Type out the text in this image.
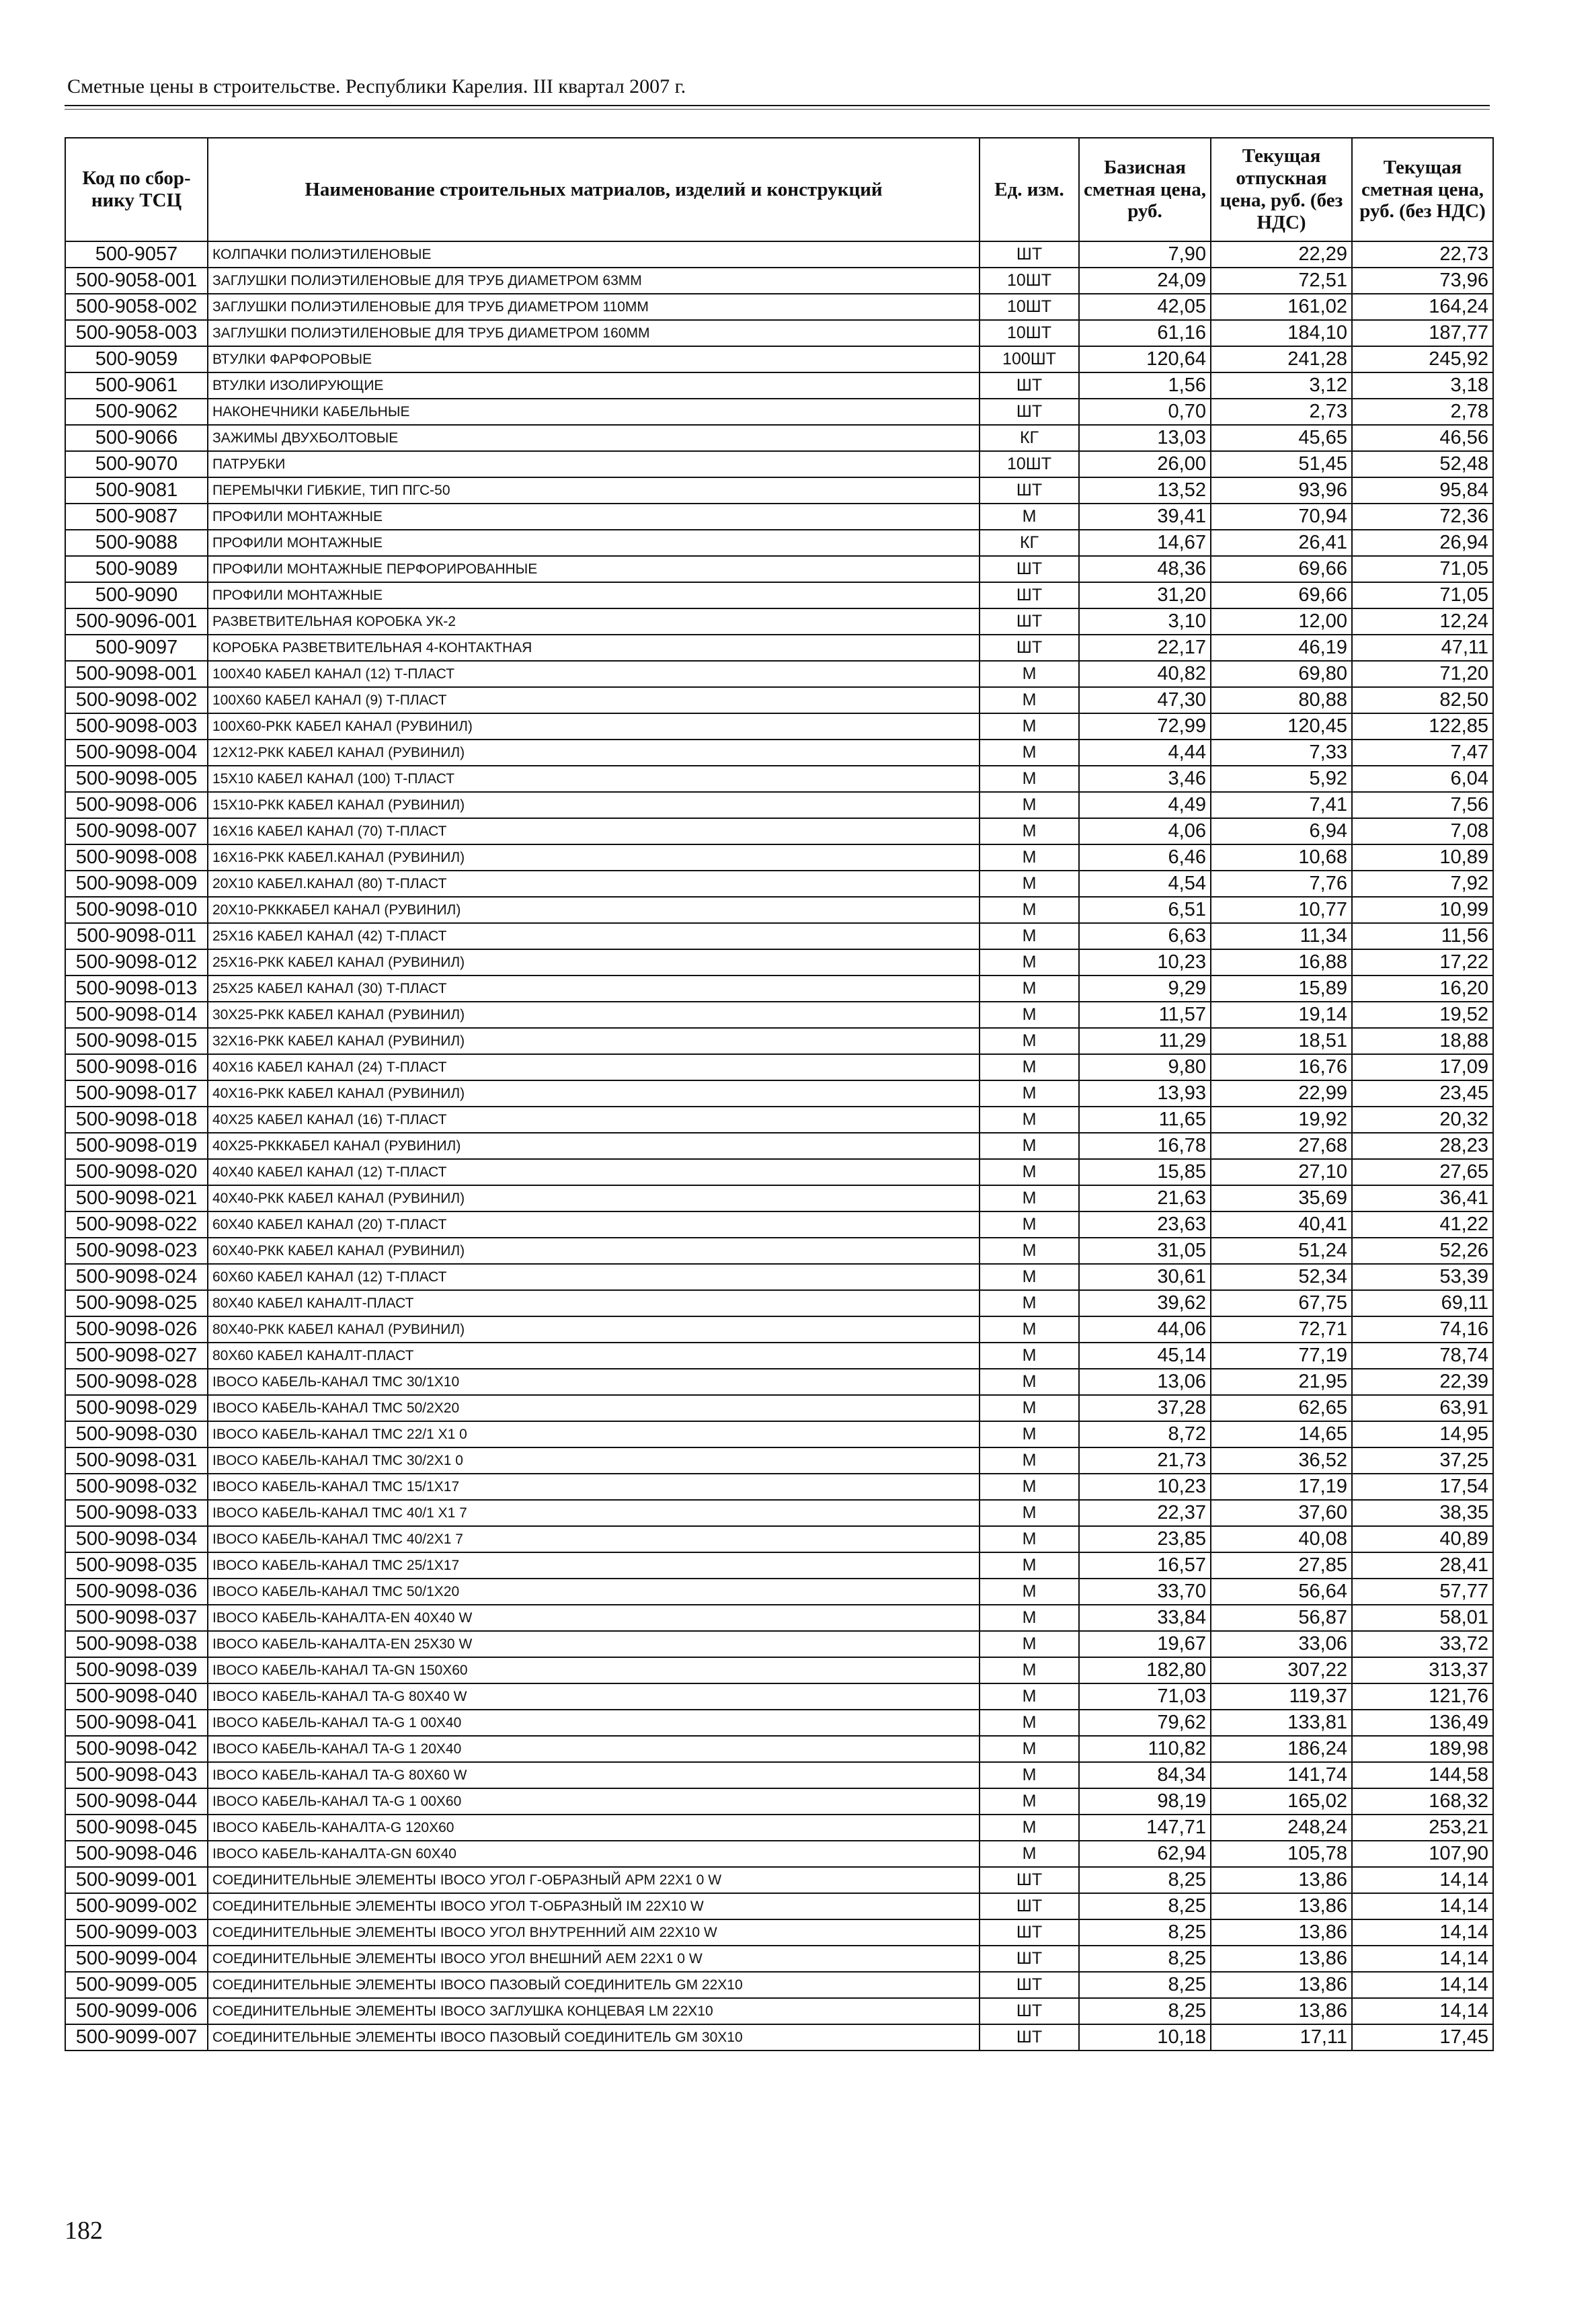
Сметные цены в строительстве. Республики Карелия. III квартал 2007 г.
Код по сбор-нику ТСЦ	Наименование строительных матриалов, изделий и конструкций	Ед. изм.	Базисная сметная цена, руб.	Текущая отпускная цена, руб. (без НДС)	Текущая сметная цена, руб. (без НДС)
500-9057	КОЛПАЧКИ ПОЛИЭТИЛЕНОВЫЕ	ШТ	7,90	22,29	22,73
500-9058-001	ЗАГЛУШКИ ПОЛИЭТИЛЕНОВЫЕ ДЛЯ ТРУБ ДИАМЕТРОМ 63ММ	10ШТ	24,09	72,51	73,96
500-9058-002	ЗАГЛУШКИ ПОЛИЭТИЛЕНОВЫЕ ДЛЯ ТРУБ ДИАМЕТРОМ 110ММ	10ШТ	42,05	161,02	164,24
500-9058-003	ЗАГЛУШКИ ПОЛИЭТИЛЕНОВЫЕ ДЛЯ ТРУБ ДИАМЕТРОМ 160ММ	10ШТ	61,16	184,10	187,77
500-9059	ВТУЛКИ ФАРФОРОВЫЕ	100ШТ	120,64	241,28	245,92
500-9061	ВТУЛКИ ИЗОЛИРУЮЩИЕ	ШТ	1,56	3,12	3,18
500-9062	НАКОНЕЧНИКИ КАБЕЛЬНЫЕ	ШТ	0,70	2,73	2,78
500-9066	ЗАЖИМЫ ДВУХБОЛТОВЫЕ	КГ	13,03	45,65	46,56
500-9070	ПАТРУБКИ	10ШТ	26,00	51,45	52,48
500-9081	ПЕРЕМЫЧКИ ГИБКИЕ, ТИП ПГС-50	ШТ	13,52	93,96	95,84
500-9087	ПРОФИЛИ МОНТАЖНЫЕ	М	39,41	70,94	72,36
500-9088	ПРОФИЛИ МОНТАЖНЫЕ	КГ	14,67	26,41	26,94
500-9089	ПРОФИЛИ МОНТАЖНЫЕ ПЕРФОРИРОВАННЫЕ	ШТ	48,36	69,66	71,05
500-9090	ПРОФИЛИ МОНТАЖНЫЕ	ШТ	31,20	69,66	71,05
500-9096-001	РАЗВЕТВИТЕЛЬНАЯ КОРОБКА УК-2	ШТ	3,10	12,00	12,24
500-9097	КОРОБКА РАЗВЕТВИТЕЛЬНАЯ 4-КОНТАКТНАЯ	ШТ	22,17	46,19	47,11
500-9098-001	100X40 КАБЕЛ КАНАЛ (12) Т-ПЛАСТ	М	40,82	69,80	71,20
500-9098-002	100X60 КАБЕЛ КАНАЛ (9) Т-ПЛАСТ	М	47,30	80,88	82,50
500-9098-003	100X60-РКК КАБЕЛ КАНАЛ (РУВИНИЛ)	М	72,99	120,45	122,85
500-9098-004	12X12-РКК КАБЕЛ КАНАЛ (РУВИНИЛ)	М	4,44	7,33	7,47
500-9098-005	15X10 КАБЕЛ КАНАЛ (100) Т-ПЛАСТ	М	3,46	5,92	6,04
500-9098-006	15X10-РКК КАБЕЛ КАНАЛ (РУВИНИЛ)	М	4,49	7,41	7,56
500-9098-007	16X16 КАБЕЛ КАНАЛ (70) Т-ПЛАСТ	М	4,06	6,94	7,08
500-9098-008	16X16-РКК КАБЕЛ.КАНАЛ (РУВИНИЛ)	М	6,46	10,68	10,89
500-9098-009	20X10 КАБЕЛ.КАНАЛ (80) Т-ПЛАСТ	М	4,54	7,76	7,92
500-9098-010	20X10-РКККАБЕЛ КАНАЛ (РУВИНИЛ)	М	6,51	10,77	10,99
500-9098-011	25X16 КАБЕЛ КАНАЛ (42) Т-ПЛАСТ	М	6,63	11,34	11,56
500-9098-012	25X16-РКК КАБЕЛ КАНАЛ (РУВИНИЛ)	М	10,23	16,88	17,22
500-9098-013	25X25 КАБЕЛ КАНАЛ (30) Т-ПЛАСТ	М	9,29	15,89	16,20
500-9098-014	30X25-РКК КАБЕЛ КАНАЛ (РУВИНИЛ)	М	11,57	19,14	19,52
500-9098-015	32X16-РКК КАБЕЛ КАНАЛ (РУВИНИЛ)	М	11,29	18,51	18,88
500-9098-016	40X16 КАБЕЛ КАНАЛ (24) Т-ПЛАСТ	М	9,80	16,76	17,09
500-9098-017	40X16-РКК КАБЕЛ КАНАЛ (РУВИНИЛ)	М	13,93	22,99	23,45
500-9098-018	40X25 КАБЕЛ КАНАЛ (16) Т-ПЛАСТ	М	11,65	19,92	20,32
500-9098-019	40X25-РКККАБЕЛ КАНАЛ (РУВИНИЛ)	М	16,78	27,68	28,23
500-9098-020	40X40 КАБЕЛ КАНАЛ (12) Т-ПЛАСТ	М	15,85	27,10	27,65
500-9098-021	40X40-РКК КАБЕЛ КАНАЛ (РУВИНИЛ)	М	21,63	35,69	36,41
500-9098-022	60X40 КАБЕЛ КАНАЛ (20) Т-ПЛАСТ	М	23,63	40,41	41,22
500-9098-023	60X40-РКК КАБЕЛ КАНАЛ (РУВИНИЛ)	М	31,05	51,24	52,26
500-9098-024	60X60 КАБЕЛ КАНАЛ (12) Т-ПЛАСТ	М	30,61	52,34	53,39
500-9098-025	80X40 КАБЕЛ КАНАЛТ-ПЛАСТ	М	39,62	67,75	69,11
500-9098-026	80X40-РКК КАБЕЛ КАНАЛ (РУВИНИЛ)	М	44,06	72,71	74,16
500-9098-027	80X60 КАБЕЛ КАНАЛТ-ПЛАСТ	М	45,14	77,19	78,74
500-9098-028	IBOCO КАБЕЛЬ-КАНАЛ ТМС 30/1X10	М	13,06	21,95	22,39
500-9098-029	IBOCO КАБЕЛЬ-КАНАЛ ТМС 50/2X20	М	37,28	62,65	63,91
500-9098-030	IBOCO КАБЕЛЬ-КАНАЛ ТМС 22/1 X1 0	М	8,72	14,65	14,95
500-9098-031	IBOCO КАБЕЛЬ-КАНАЛ ТМС 30/2X1 0	М	21,73	36,52	37,25
500-9098-032	IBOCO КАБЕЛЬ-КАНАЛ ТМС 15/1X17	М	10,23	17,19	17,54
500-9098-033	IBOCO КАБЕЛЬ-КАНАЛ ТМС 40/1 X1 7	М	22,37	37,60	38,35
500-9098-034	IBOCO КАБЕЛЬ-КАНАЛ ТМС 40/2X1 7	М	23,85	40,08	40,89
500-9098-035	IBOCO КАБЕЛЬ-КАНАЛ ТМС 25/1X17	М	16,57	27,85	28,41
500-9098-036	IBOCO КАБЕЛЬ-КАНАЛ ТМС 50/1X20	М	33,70	56,64	57,77
500-9098-037	IBOCO КАБЕЛЬ-КАНАЛТА-EN 40X40 W	М	33,84	56,87	58,01
500-9098-038	IBOCO КАБЕЛЬ-КАНАЛТА-EN 25X30 W	М	19,67	33,06	33,72
500-9098-039	IBOCO КАБЕЛЬ-КАНАЛ TA-GN 150X60	М	182,80	307,22	313,37
500-9098-040	IBOCO КАБЕЛЬ-КАНАЛ TA-G 80X40 W	М	71,03	119,37	121,76
500-9098-041	IBOCO КАБЕЛЬ-КАНАЛ TA-G 1 00X40	М	79,62	133,81	136,49
500-9098-042	IBOCO КАБЕЛЬ-КАНАЛ TA-G 1 20X40	М	110,82	186,24	189,98
500-9098-043	IBOCO КАБЕЛЬ-КАНАЛ TA-G 80X60 W	М	84,34	141,74	144,58
500-9098-044	IBOCO КАБЕЛЬ-КАНАЛ TA-G 1 00X60	М	98,19	165,02	168,32
500-9098-045	IBOCO КАБЕЛЬ-КАНАЛТА-G 120X60	М	147,71	248,24	253,21
500-9098-046	IBOCO КАБЕЛЬ-КАНАЛТА-GN 60X40	М	62,94	105,78	107,90
500-9099-001	СОЕДИНИТЕЛЬНЫЕ ЭЛЕМЕНТЫ IBOCO УГОЛ Г-ОБРАЗНЫЙ АРМ 22X1 0 W	ШТ	8,25	13,86	14,14
500-9099-002	СОЕДИНИТЕЛЬНЫЕ ЭЛЕМЕНТЫ IBOCO УГОЛ Т-ОБРАЗНЫЙ IM 22X10 W	ШТ	8,25	13,86	14,14
500-9099-003	СОЕДИНИТЕЛЬНЫЕ ЭЛЕМЕНТЫ IBOCO УГОЛ ВНУТРЕННИЙ AIM 22X10 W	ШТ	8,25	13,86	14,14
500-9099-004	СОЕДИНИТЕЛЬНЫЕ ЭЛЕМЕНТЫ IBOCO УГОЛ ВНЕШНИЙ AEM 22X1 0 W	ШТ	8,25	13,86	14,14
500-9099-005	СОЕДИНИТЕЛЬНЫЕ ЭЛЕМЕНТЫ IBOCO ПАЗОВЫЙ СОЕДИНИТЕЛЬ GM 22X10	ШТ	8,25	13,86	14,14
500-9099-006	СОЕДИНИТЕЛЬНЫЕ ЭЛЕМЕНТЫ IBOCO ЗАГЛУШКА КОНЦЕВАЯ LM 22X10	ШТ	8,25	13,86	14,14
500-9099-007	СОЕДИНИТЕЛЬНЫЕ ЭЛЕМЕНТЫ IBOCO ПАЗОВЫЙ СОЕДИНИТЕЛЬ GM 30X10	ШТ	10,18	17,11	17,45
182
